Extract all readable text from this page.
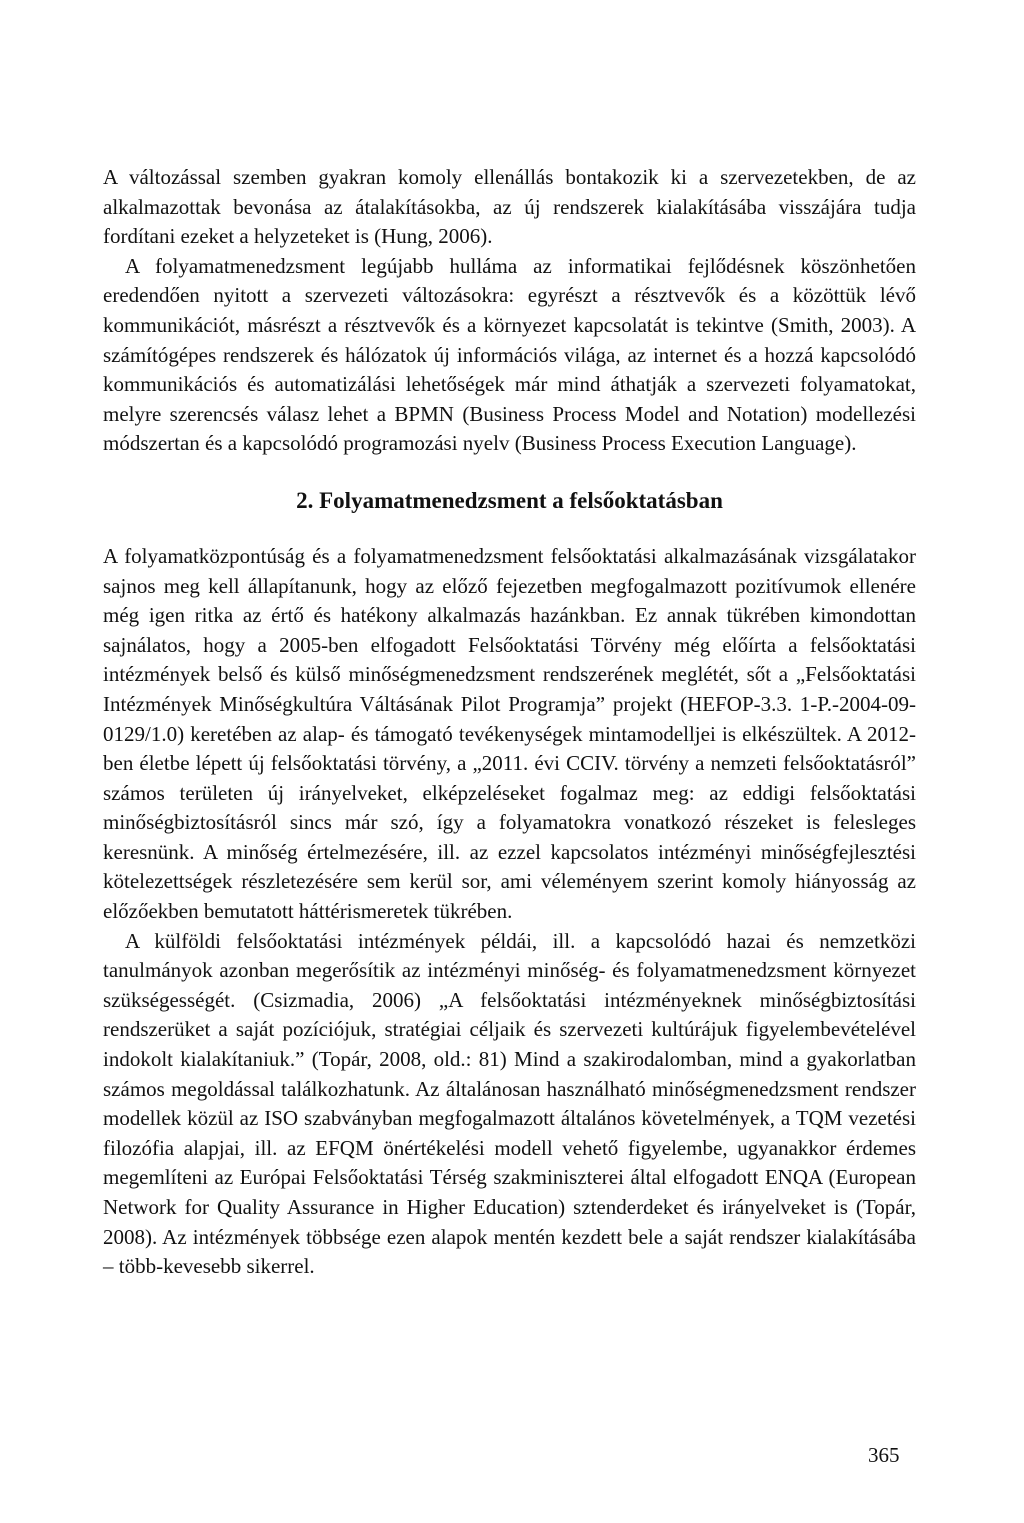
A változással szemben gyakran komoly ellenállás bontakozik ki a szervezetekben, de az alkalmazottak bevonása az átalakításokba, az új rendszerek kialakításába visszájára tudja fordítani ezeket a helyzeteket is (Hung, 2006).

A folyamatmenedzsment legújabb hulláma az informatikai fejlődésnek köszönhetően eredendően nyitott a szervezeti változásokra: egyrészt a résztvevők és a közöttük lévő kommunikációt, másrészt a résztvevők és a környezet kapcsolatát is tekintve (Smith, 2003). A számítógépes rendszerek és hálózatok új információs világa, az internet és a hozzá kapcsolódó kommunikációs és automatizálási lehetőségek már mind áthatják a szervezeti folyamatokat, melyre szerencsés válasz lehet a BPMN (Business Process Model and Notation) modellezési módszertan és a kapcsolódó programozási nyelv (Business Process Execution Language).

2. Folyamatmenedzsment a felsőoktatásban

A folyamatközpontúság és a folyamatmenedzsment felsőoktatási alkalmazásának vizsgálatakor sajnos meg kell állapítanunk, hogy az előző fejezetben megfogalmazott pozitívumok ellenére még igen ritka az értő és hatékony alkalmazás hazánkban. Ez annak tükrében kimondottan sajnálatos, hogy a 2005-ben elfogadott Felsőoktatási Törvény még előírta a felsőoktatási intézmények belső és külső minőségmenedzsment rendszerének meglétét, sőt a „Felsőoktatási Intézmények Minőségkultúra Váltásának Pilot Programja” projekt (HEFOP-3.3. 1-P.-2004-09-0129/1.0) keretében az alap- és támogató tevékenységek mintamodelljei is elkészültek. A 2012-ben életbe lépett új felsőoktatási törvény, a „2011. évi CCIV. törvény a nemzeti felsőoktatásról” számos területen új irányelveket, elképzeléseket fogalmaz meg: az eddigi felsőoktatási minőségbiztosításról sincs már szó, így a folyamatokra vonatkozó részeket is felesleges keresnünk. A minőség értelmezésére, ill. az ezzel kapcsolatos intézményi minőségfejlesztési kötelezettségek részletezésére sem kerül sor, ami véleményem szerint komoly hiányosság az előzőekben bemutatott háttérismeretek tükrében.

A külföldi felsőoktatási intézmények példái, ill. a kapcsolódó hazai és nemzetközi tanulmányok azonban megerősítik az intézményi minőség- és folyamatmenedzsment környezet szükségességét. (Csizmadia, 2006) „A felsőoktatási intézményeknek minőségbiztosítási rendszerüket a saját pozíciójuk, stratégiai céljaik és szervezeti kultúrájuk figyelembevételével indokolt kialakítaniuk.” (Topár, 2008, old.: 81) Mind a szakirodalomban, mind a gyakorlatban számos megoldással találkozhatunk. Az általánosan használható minőségmenedzsment rendszer modellek közül az ISO szabványban megfogalmazott általános követelmények, a TQM vezetési filozófia alapjai, ill. az EFQM önértékelési modell vehető figyelembe, ugyanakkor érdemes megemlíteni az Európai Felsőoktatási Térség szakminiszterei által elfogadott ENQA (European Network for Quality Assurance in Higher Education) sztenderdeket és irányelveket is (Topár, 2008). Az intézmények többsége ezen alapok mentén kezdett bele a saját rendszer kialakításába – több-kevesebb sikerrel.

365
